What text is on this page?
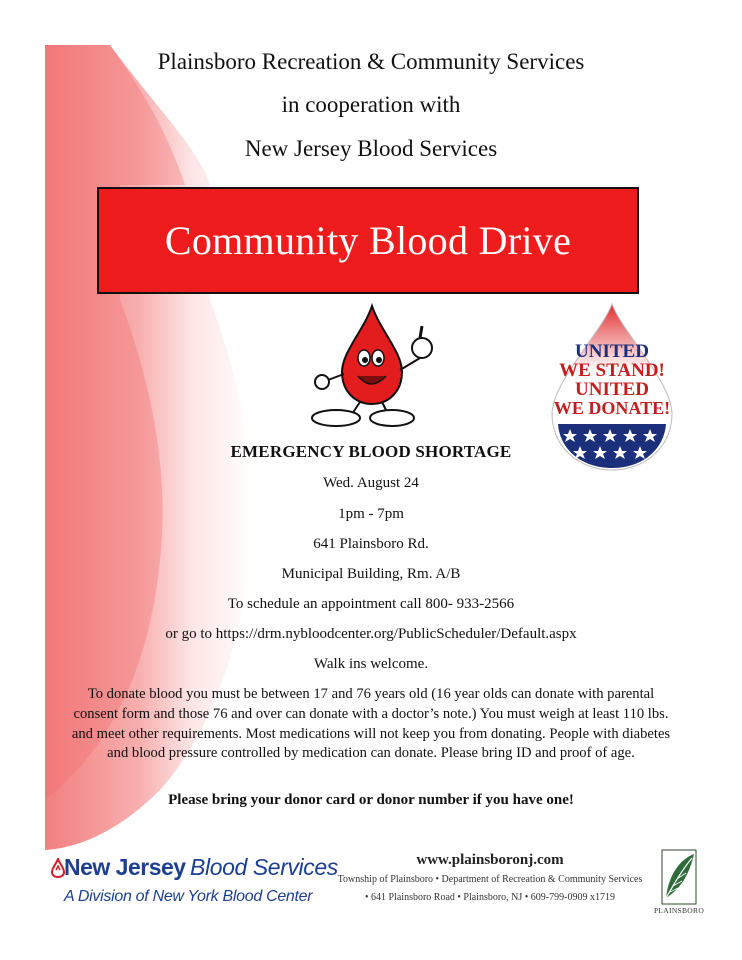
Plainsboro Recreation & Community Services
in cooperation with
New Jersey Blood Services
Community Blood Drive
UNITED
WE STAND!
UNITED
WE DONATE!
EMERGENCY BLOOD SHORTAGE
Wed. August 24
1pm - 7pm
641 Plainsboro Rd.
Municipal Building, Rm. A/B
To schedule an appointment call 800- 933-2566
or go to https://drm.nybloodcenter.org/PublicScheduler/Default.aspx
Walk ins welcome.
To donate blood you must be between 17 and 76 years old (16 year olds can donate with parental consent form and those 76 and over can donate with a doctor’s note.) You must weigh at least 110 lbs. and meet other requirements. Most medications will not keep you from donating. People with diabetes and blood pressure controlled by medication can donate. Please bring ID and proof of age.
Please bring your donor card or donor number if you have one!
New Jersey Blood Services
A Division of New York Blood Center
www.plainsboronj.com
Township of Plainsboro • Department of Recreation & Community Services
• 641 Plainsboro Road • Plainsboro, NJ • 609-799-0909 x1719
PLAINSBORO
